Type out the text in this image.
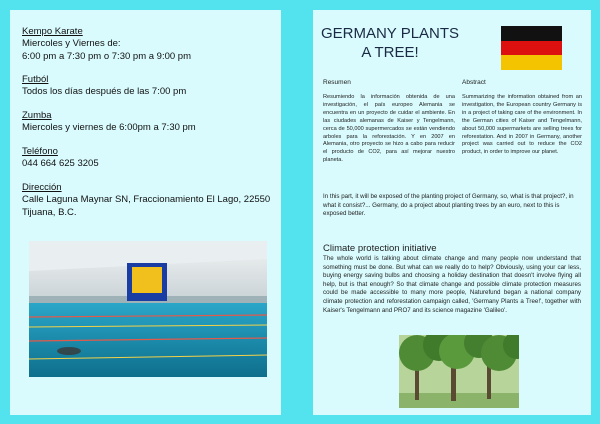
Kempo Karate
Miercoles y Viernes de:
6:00 pm a 7:30 pm o 7:30 pm a 9:00 pm
Futból
Todos los días después de las 7:00 pm
Zumba
Miercoles y viernes de 6:00pm a 7:30 pm
Teléfono
044 664 625 3205
Dirección
Calle Laguna Maynar SN, Fraccionamiento El Lago, 22550
Tijuana, B.C.
GERMANY PLANTS A TREE!
Resumen	Abstract
Resumiendo la información obtenida de una investigación, el país europeo Alemania se encuentra en un proyecto de cuidar el ambiente. En las ciudades alemanas de Kaiser y Tengelmann, cerca de 50,000 supermercados se están vendiendo arboles para la reforestación. Y en 2007 en Alemania, otro proyecto se hizo a cabo para reducir el producto de CO2, para así mejorar nuestro planeta.
Summarizing the information obtained from an investigation, the European country Germany is in a project of taking care of the environment. In the German cities of Kaiser and Tengelmann, about 50,000 supermarkets are selling trees for reforestation. And in 2007 in Germany, another project was carried out to reduce the CO2 product, in order to improve our planet.
In this part, it will be exposed of the planting project of Germany, so, what is that project?, in what it consist?... Germany, do a project about planting trees by an euro, next to this is exposed better.
Climate protection initiative
The whole world is talking about climate change and many people now understand that something must be done. But what can we really do to help? Obviously, using your car less, buying energy saving bulbs and choosing a holiday destination that doesn't involve flying all help, but is that enough? So that climate change and possible climate protection measures could be made accessible to many more people, Naturefund began a national company climate protection and reforestation campaign called, 'Germany Plants a Tree!', together with Kaiser's Tengelmann and PRO7 and its science magazine 'Galileo'.
